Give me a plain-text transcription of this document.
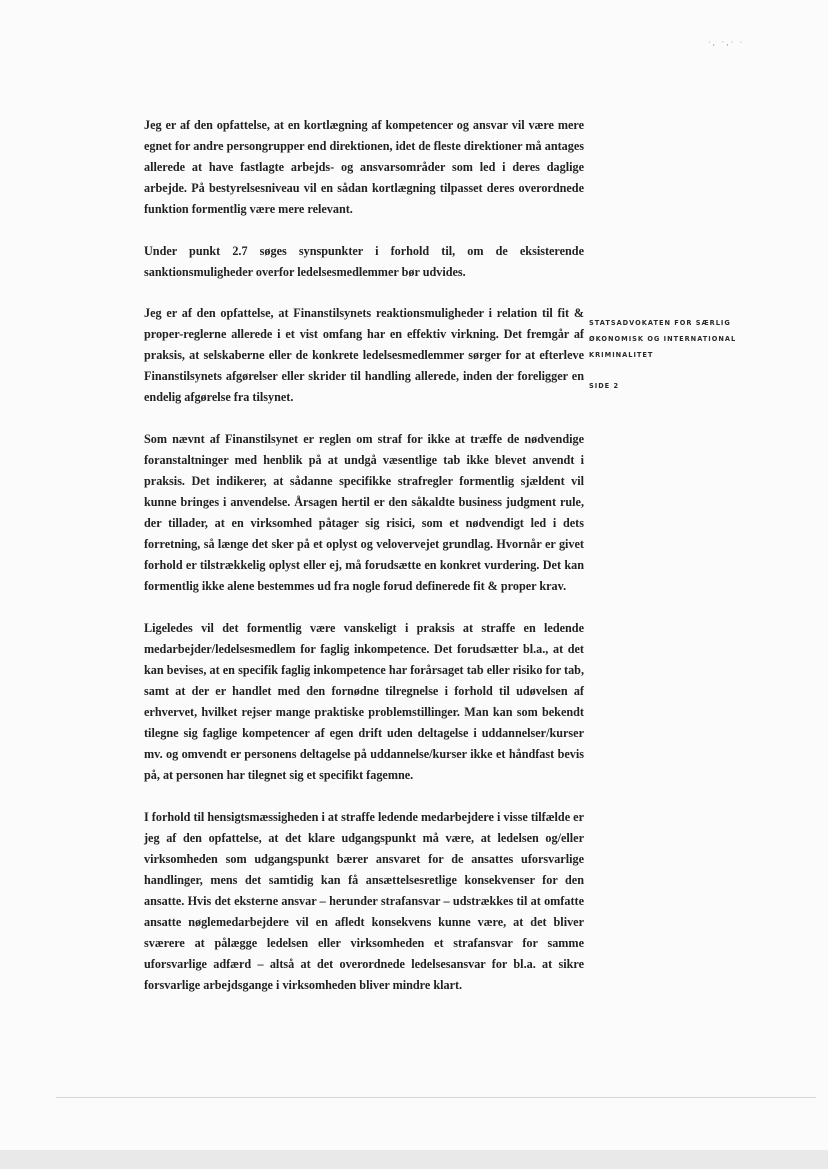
·, ·,· ·

Jeg er af den opfattelse, at en kortlægning af kompetencer og ansvar vil være mere egnet for andre persongrupper end direktionen, idet de fleste direktioner må antages allerede at have fastlagte arbejds- og ansvarsområder som led i deres daglige arbejde. På bestyrelsesniveau vil en sådan kortlægning tilpasset deres overordnede funktion formentlig være mere relevant.

Under punkt 2.7 søges synspunkter i forhold til, om de eksisterende sanktionsmuligheder overfor ledelsesmedlemmer bør udvides.

Jeg er af den opfattelse, at Finanstilsynets reaktionsmuligheder i relation til fit & proper-reglerne allerede i et vist omfang har en effektiv virkning. Det fremgår af praksis, at selskaberne eller de konkrete ledelsesmedlemmer sørger for at efterleve Finanstilsynets afgørelser eller skrider til handling allerede, inden der foreligger en endelig afgørelse fra tilsynet.

Som nævnt af Finanstilsynet er reglen om straf for ikke at træffe de nødvendige foranstaltninger med henblik på at undgå væsentlige tab ikke blevet anvendt i praksis. Det indikerer, at sådanne specifikke strafregler formentlig sjældent vil kunne bringes i anvendelse. Årsagen hertil er den såkaldte business judgment rule, der tillader, at en virksomhed påtager sig risici, som et nødvendigt led i dets forretning, så længe det sker på et oplyst og velovervejet grundlag. Hvornår er givet forhold er tilstrækkelig oplyst eller ej, må forudsætte en konkret vurdering. Det kan formentlig ikke alene bestemmes ud fra nogle forud definerede fit & proper krav.

Ligeledes vil det formentlig være vanskeligt i praksis at straffe en ledende medarbejder/ledelsesmedlem for faglig inkompetence. Det forudsætter bl.a., at det kan bevises, at en specifik faglig inkompetence har forårsaget tab eller risiko for tab, samt at der er handlet med den fornødne tilregnelse i forhold til udøvelsen af erhvervet, hvilket rejser mange praktiske problemstillinger. Man kan som bekendt tilegne sig faglige kompetencer af egen drift uden deltagelse i uddannelser/kurser mv. og omvendt er personens deltagelse på uddannelse/kurser ikke et håndfast bevis på, at personen har tilegnet sig et specifikt fagemne.

I forhold til hensigtsmæssigheden i at straffe ledende medarbejdere i visse tilfælde er jeg af den opfattelse, at det klare udgangspunkt må være, at ledelsen og/eller virksomheden som udgangspunkt bærer ansvaret for de ansattes uforsvarlige handlinger, mens det samtidig kan få ansættelsesretlige konsekvenser for den ansatte. Hvis det eksterne ansvar – herunder strafansvar – udstrækkes til at omfatte ansatte nøglemedarbejdere vil en afledt konsekvens kunne være, at det bliver sværere at pålægge ledelsen eller virksomheden et strafansvar for samme uforsvarlige adfærd – altså at det overordnede ledelsesansvar for bl.a. at sikre forsvarlige arbejdsgange i virksomheden bliver mindre klart.

STATSADVOKATEN FOR SÆRLIG
ØKONOMISK OG INTERNATIONAL
KRIMINALITET
SIDE 2
